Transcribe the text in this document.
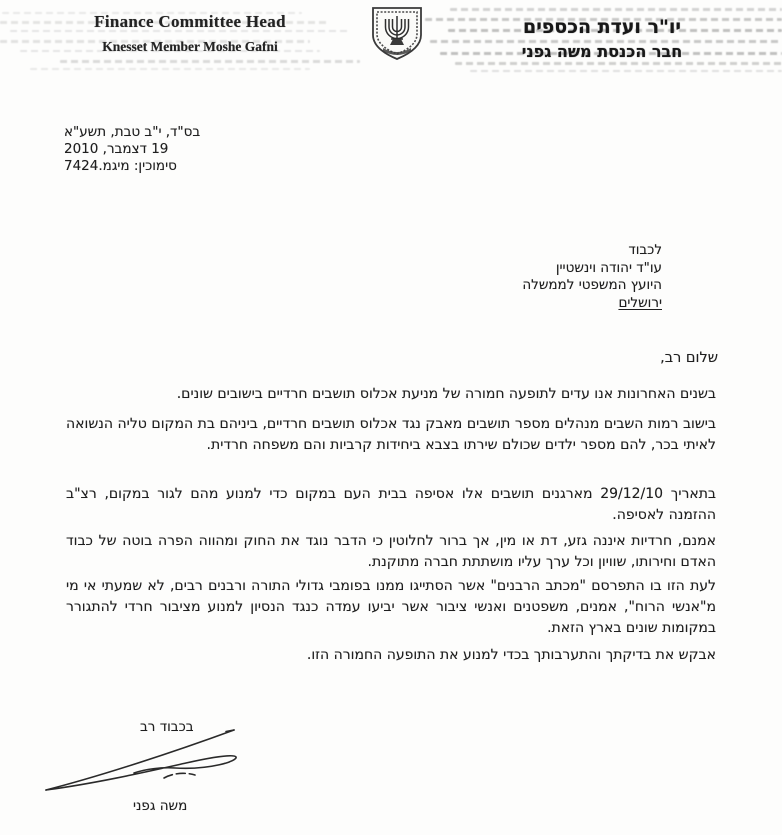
Finance Committee Head
Knesset Member Moshe Gafni
יו"ר ועדת הכספים
חבר הכנסת משה גפני
בס"ד, י"ב טבת, תשע"א
19 דצמבר, 2010
סימוכין: מיגמ.7424
לכבוד
עו"ד יהודה וינשטיין
היועץ המשפטי לממשלה
ירושלים
שלום רב,

בשנים האחרונות אנו עדים לתופעה חמורה של מניעת אכלוס תושבים חרדיים בישובים שונים.

בישוב רמות השבים מנהלים מספר תושבים מאבק נגד אכלוס תושבים חרדיים, ביניהם בת המקום טליה הנשואה לאיתי בכר, להם מספר ילדים שכולם שירתו בצבא ביחידות קרביות והם משפחה חרדית.

בתאריך 29/12/10 מארגנים תושבים אלו אסיפה בבית העם במקום כדי למנוע מהם לגור במקום, רצ"ב ההזמנה לאסיפה.

אמנם, חרדיות איננה גזע, דת או מין, אך ברור לחלוטין כי הדבר נוגד את החוק ומהווה הפרה בוטה של כבוד האדם וחירותו, שוויון וכל ערך עליו מושתתת חברה מתוקנת.

לעת הזו בו התפרסם "מכתב הרבנים" אשר הסתייגו ממנו בפומבי גדולי התורה ורבנים רבים, לא שמעתי אי מי מ"אנשי הרוח", אמנים, משפטנים ואנשי ציבור אשר יביעו עמדה כנגד הנסיון למנוע מציבור חרדי להתגורר במקומות שונים בארץ הזאת.

אבקש את בדיקתך והתערבותך בכדי למנוע את התופעה החמורה הזו.

בכבוד רב
משה גפני
